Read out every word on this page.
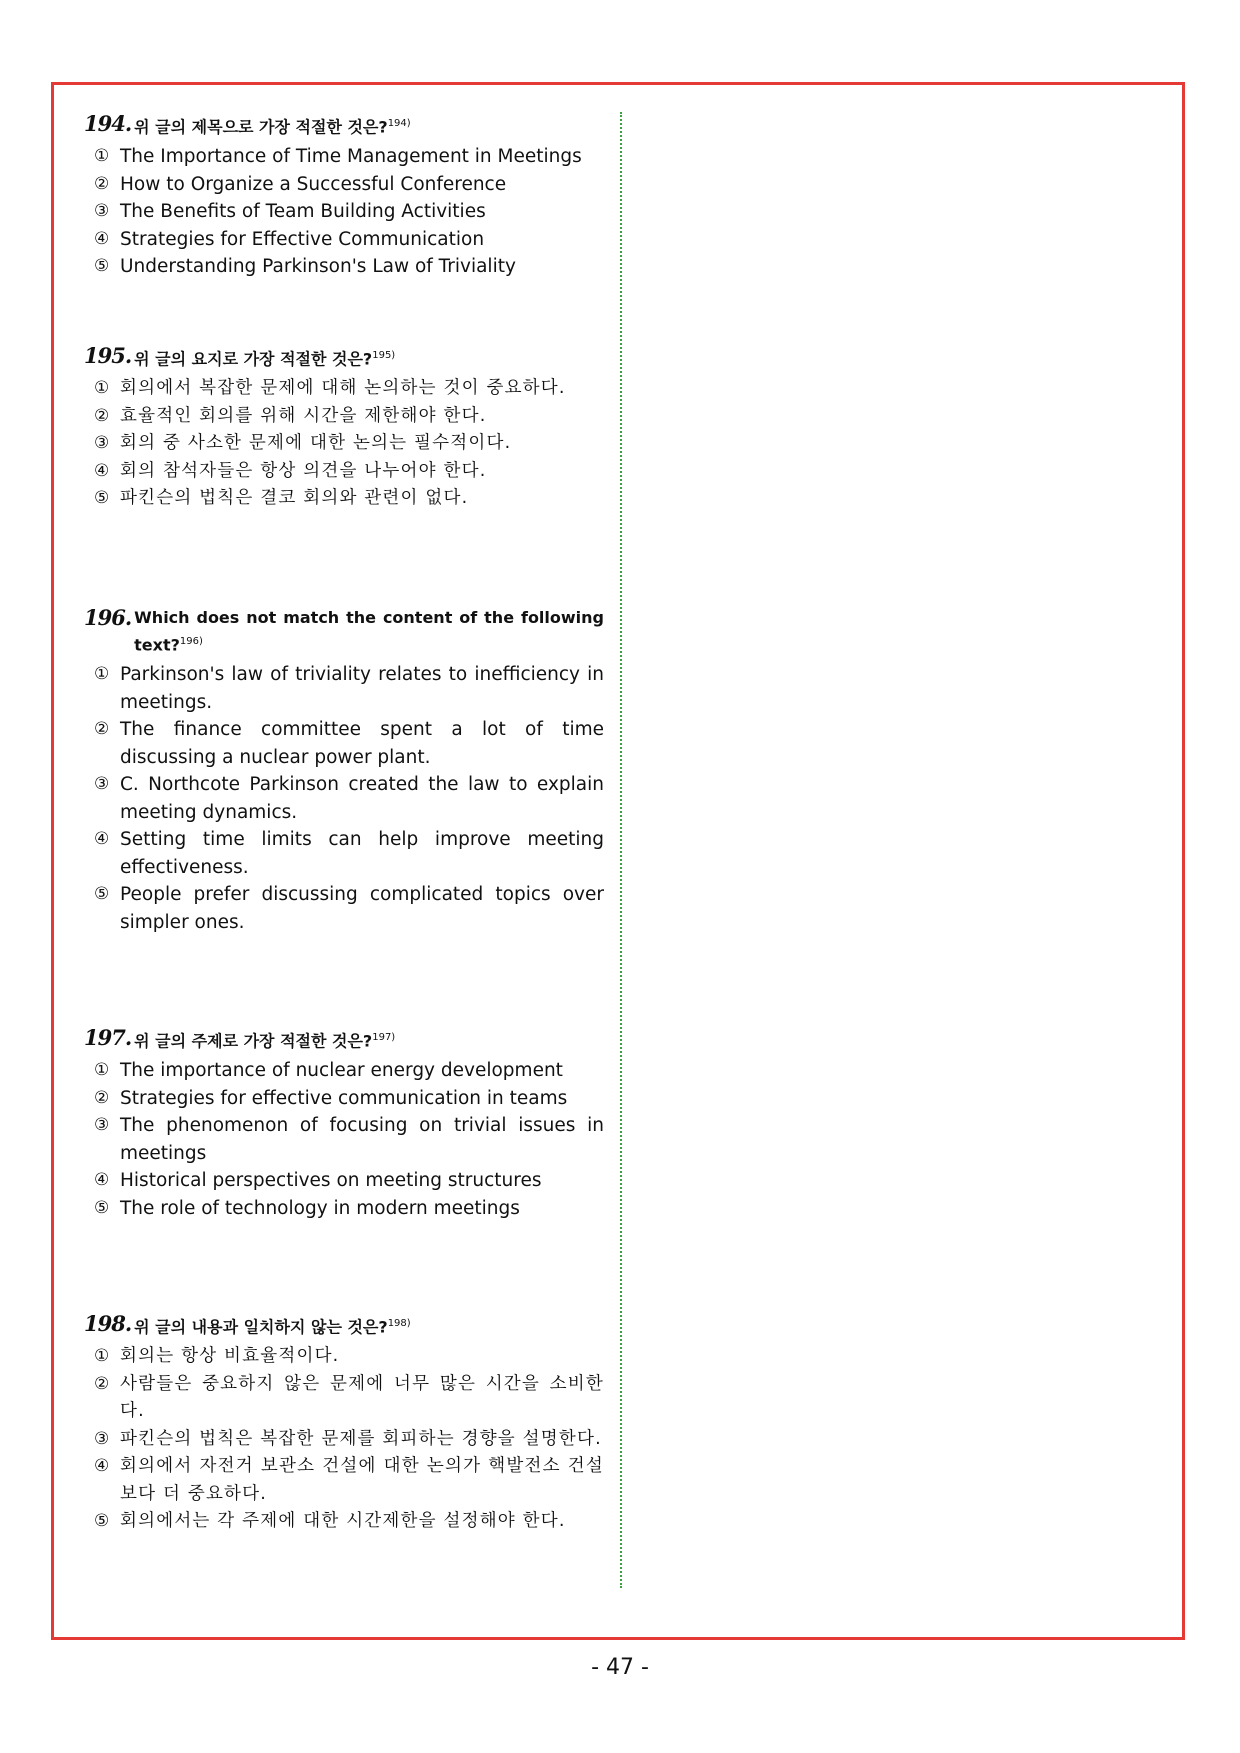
194. 위 글의 제목으로 가장 적절한 것은?$^{194)}$
① The Importance of Time Management in Meetings
② How to Organize a Successful Conference
③ The Benefits of Team Building Activities
④ Strategies for Effective Communication
⑤ Understanding Parkinson's Law of Triviality
195. 위 글의 요지로 가장 적절한 것은?$^{195)}$
① 회의에서 복잡한 문제에 대해 논의하는 것이 중요하다.
② 효율적인 회의를 위해 시간을 제한해야 한다.
③ 회의 중 사소한 문제에 대한 논의는 필수적이다.
④ 회의 참석자들은 항상 의견을 나누어야 한다.
⑤ 파킨슨의 법칙은 결코 회의와 관련이 없다.
196. Which does not match the content of the following text?$^{196)}$
① Parkinson's law of triviality relates to inefficiency in meetings.
② The finance committee spent a lot of time discussing a nuclear power plant.
③ C. Northcote Parkinson created the law to explain meeting dynamics.
④ Setting time limits can help improve meeting effectiveness.
⑤ People prefer discussing complicated topics over simpler ones.
197. 위 글의 주제로 가장 적절한 것은?$^{197)}$
① The importance of nuclear energy development
② Strategies for effective communication in teams
③ The phenomenon of focusing on trivial issues in meetings
④ Historical perspectives on meeting structures
⑤ The role of technology in modern meetings
198. 위 글의 내용과 일치하지 않는 것은?$^{198)}$
① 회의는 항상 비효율적이다.
② 사람들은 중요하지 않은 문제에 너무 많은 시간을 소비한다.
③ 파킨슨의 법칙은 복잡한 문제를 회피하는 경향을 설명한다.
④ 회의에서 자전거 보관소 건설에 대한 논의가 핵발전소 건설보다 더 중요하다.
⑤ 회의에서는 각 주제에 대한 시간제한을 설정해야 한다.
- 47 -
